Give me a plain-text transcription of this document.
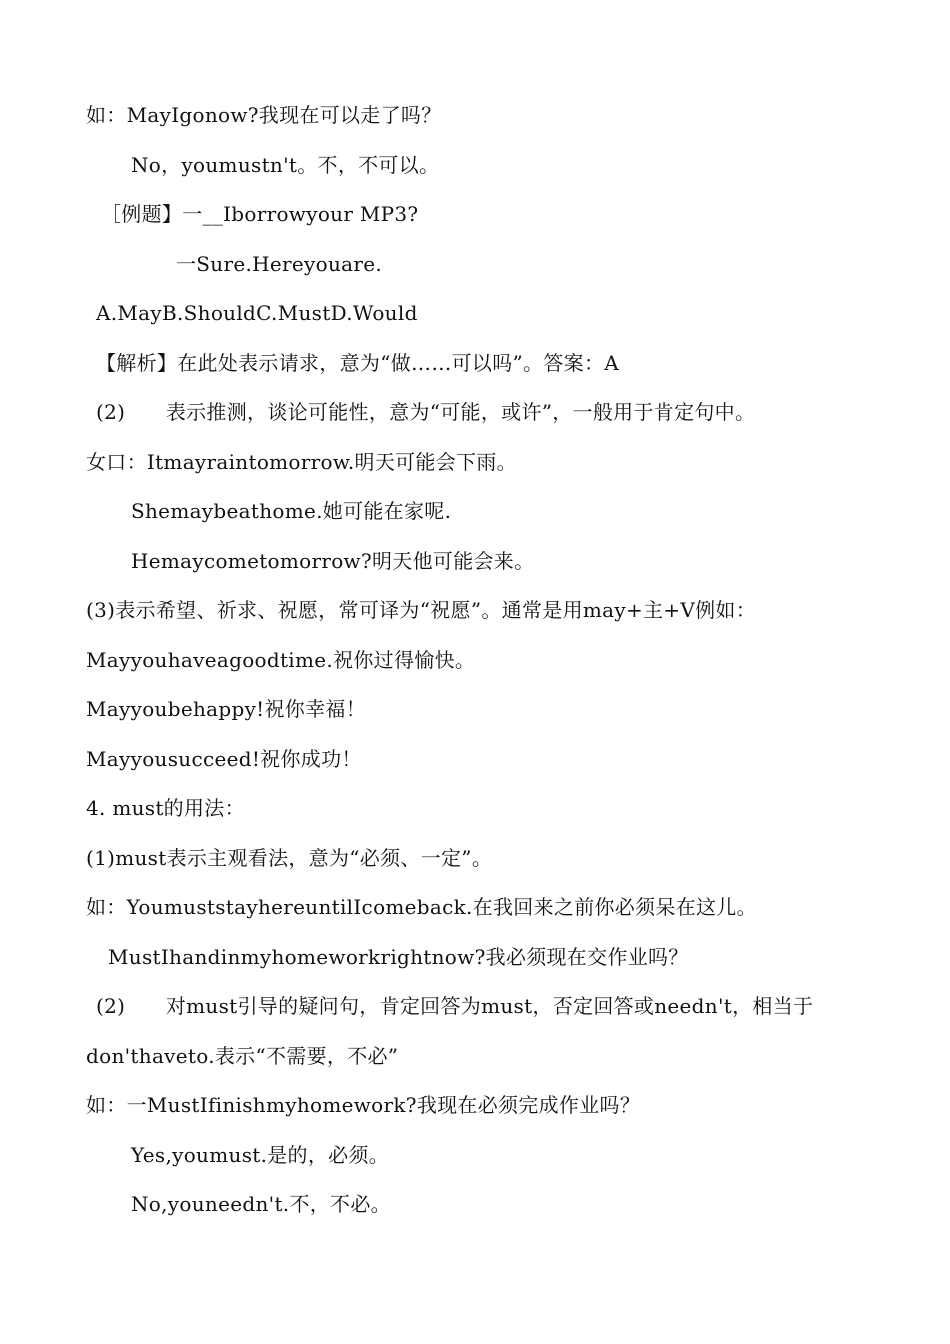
如：MayIgonow?我现在可以走了吗？
No，youmustn't。不，不可以。
［例题】一__Iborrowyour MP3?
一Sure.Hereyouare.
A.MayB.ShouldC.MustD.Would
【解析】在此处表示请求，意为“做……可以吗”。答案：A
(2)　　表示推测，谈论可能性，意为“可能，或许”，一般用于肯定句中。
女口：Itmayraintomorrow.明天可能会下雨。
Shemaybeathome.她可能在家呢.
Hemaycometomorrow?明天他可能会来。
(3)表示希望、祈求、祝愿，常可译为“祝愿”。通常是用may+主+V例如：
Mayyouhaveagoodtime.祝你过得愉快。
Mayyoubehappy!祝你幸福！
Mayyousucceed!祝你成功！
4. must的用法：
(1)must表示主观看法，意为“必须、一定”。
如：YoumuststayhereuntilIcomeback.在我回来之前你必须呆在这儿。
MustIhandinmyhomeworkrightnow?我必须现在交作业吗？
(2)　　对must引导的疑问句，肯定回答为must，否定回答或needn't，相当于
don'thaveto.表示“不需要，不必”
如：一MustIfinishmyhomework?我现在必须完成作业吗？
Yes,youmust.是的，必须。
No,youneedn't.不，不必。
